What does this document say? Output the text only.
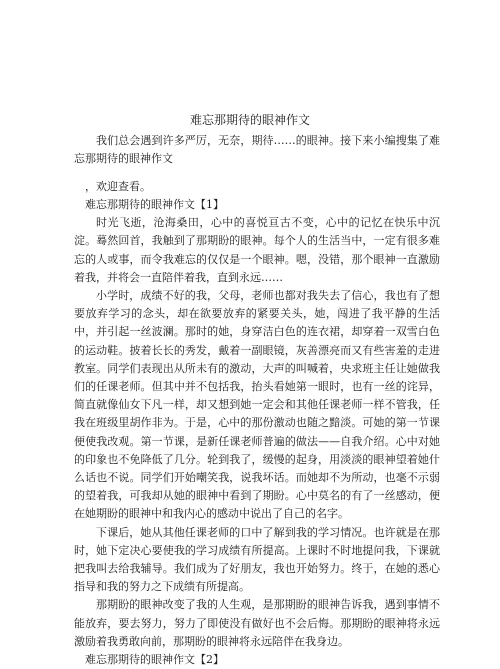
难忘那期待的眼神作文

我们总会遇到许多严厉，无奈，期待……的眼神。接下来小编搜集了难忘那期待的眼神作文

，欢迎查看。

难忘那期待的眼神作文【1】

时光飞逝，沧海桑田，心中的喜悦亘古不变，心中的记忆在快乐中沉淀。蓦然回首，我触到了那期盼的眼神。每个人的生活当中，一定有很多难忘的人或事，而令我难忘的仅仅是一个眼神。嗯，没错，那个眼神一直激励着我，并将会一直陪伴着我，直到永远……

小学时，成绩不好的我，父母，老师也都对我失去了信心，我也有了想要放弃学习的念头，却在欲要放弃的紧要关头，她，闯进了我平静的生活中，并引起一丝波澜。那时的她，身穿洁白色的连衣裙，却穿着一双雪白色的运动鞋。披着长长的秀发，戴着一副眼镜，灰善漂亮而又有些害羞的走进教室。同学们表现出从所未有的激动，大声的叫喊着，央求班主任让她做我们的任课老师。但其中并不包括我，抬头看她第一眼时，也有一丝的诧异，简直就像仙女下凡一样，却又想到她一定会和其他任课老师一样不管我，任我在班级里胡作非为。于是，心中的那份激动也随之黯淡。可她的第一节课便使我改观。第一节课，是新任课老师普遍的做法——自我介绍。心中对她的印象也不免降低了几分。轮到我了，缓慢的起身，用淡淡的眼神望着她什么话也不说。同学们开始嘲笑我，说我坏话。而她却不为所动，也毫不示弱的望着我，可我却从她的眼神中看到了期盼。心中莫名的有了一丝感动，便在她期盼的眼神中和我内心的感动中说出了自己的名字。

下课后，她从其他任课老师的口中了解到我的学习情况。也许就是在那时，她下定决心要使我的学习成绩有所提高。上课时不时地提问我，下课就把我叫去给我辅导。我们成为了好朋友，我也开始努力。终于，在她的悉心指导和我的努力之下成绩有所提高。

那期盼的眼神改变了我的人生观，是那期盼的眼神告诉我，遇到事情不能放弃，要去努力，努力了即使没有做好也不会后悔。那期盼的眼神将永远激励着我勇敢向前，那期盼的眼神将永远陪伴在我身边。

难忘那期待的眼神作文【2】
